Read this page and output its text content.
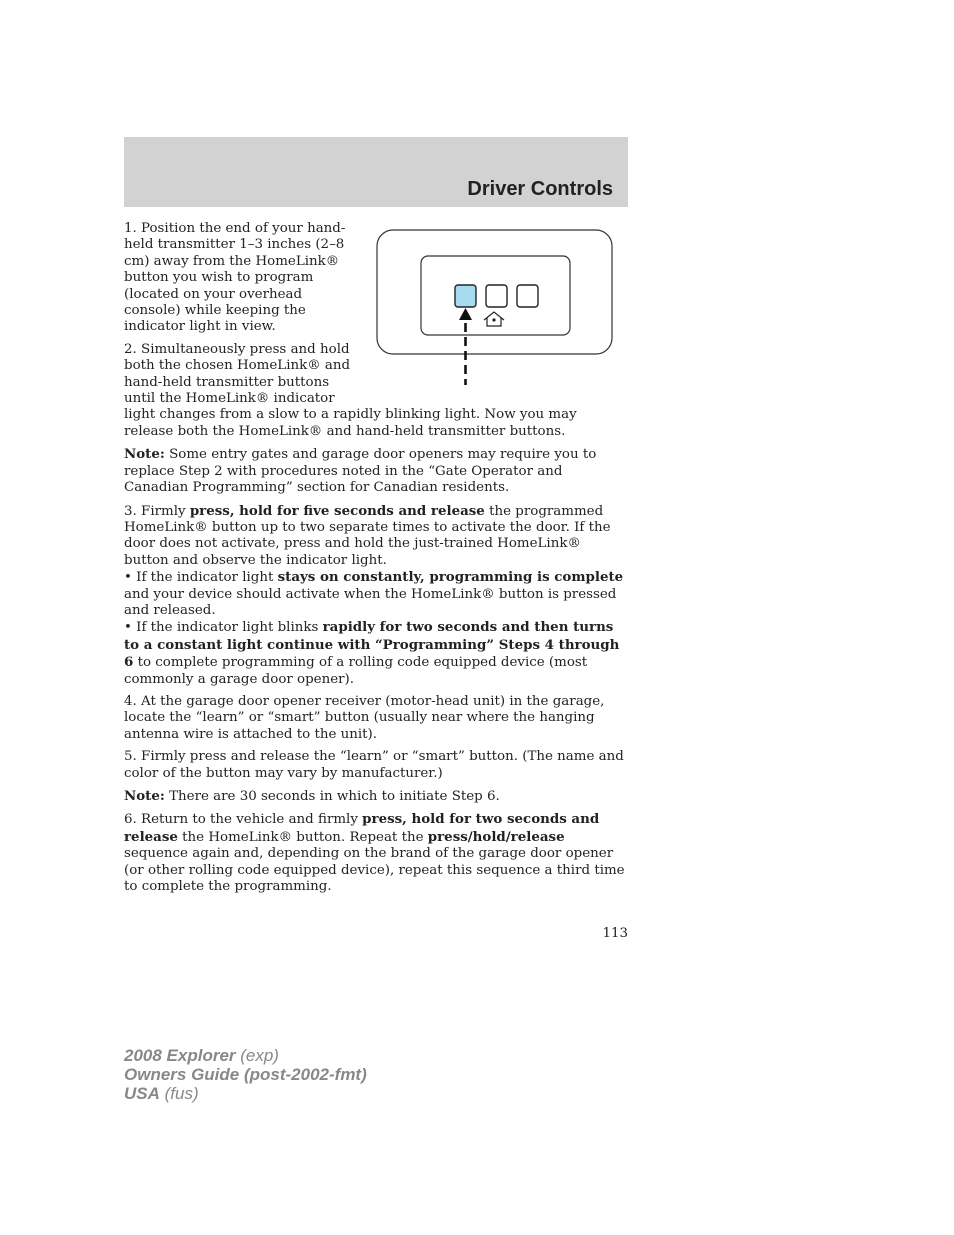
Driver Controls

1. Position the end of your hand-held transmitter 1–3 inches (2–8 cm) away from the HomeLink® button you wish to program (located on your overhead console) while keeping the indicator light in view.

2. Simultaneously press and hold both the chosen HomeLink® and hand-held transmitter buttons until the HomeLink® indicator light changes from a slow to a rapidly blinking light. Now you may release both the HomeLink® and hand-held transmitter buttons.

Note: Some entry gates and garage door openers may require you to replace Step 2 with procedures noted in the “Gate Operator and Canadian Programming” section for Canadian residents.

3. Firmly press, hold for five seconds and release the programmed HomeLink® button up to two separate times to activate the door. If the door does not activate, press and hold the just-trained HomeLink® button and observe the indicator light.

• If the indicator light stays on constantly, programming is complete and your device should activate when the HomeLink® button is pressed and released.

• If the indicator light blinks rapidly for two seconds and then turns to a constant light continue with “Programming” Steps 4 through 6 to complete programming of a rolling code equipped device (most commonly a garage door opener).

4. At the garage door opener receiver (motor-head unit) in the garage, locate the “learn” or “smart” button (usually near where the hanging antenna wire is attached to the unit).

5. Firmly press and release the “learn” or “smart” button. (The name and color of the button may vary by manufacturer.)

Note: There are 30 seconds in which to initiate Step 6.

6. Return to the vehicle and firmly press, hold for two seconds and release the HomeLink® button. Repeat the press/hold/release sequence again and, depending on the brand of the garage door opener (or other rolling code equipped device), repeat this sequence a third time to complete the programming.

113
2008 Explorer (exp)
Owners Guide (post-2002-fmt)
USA (fus)
